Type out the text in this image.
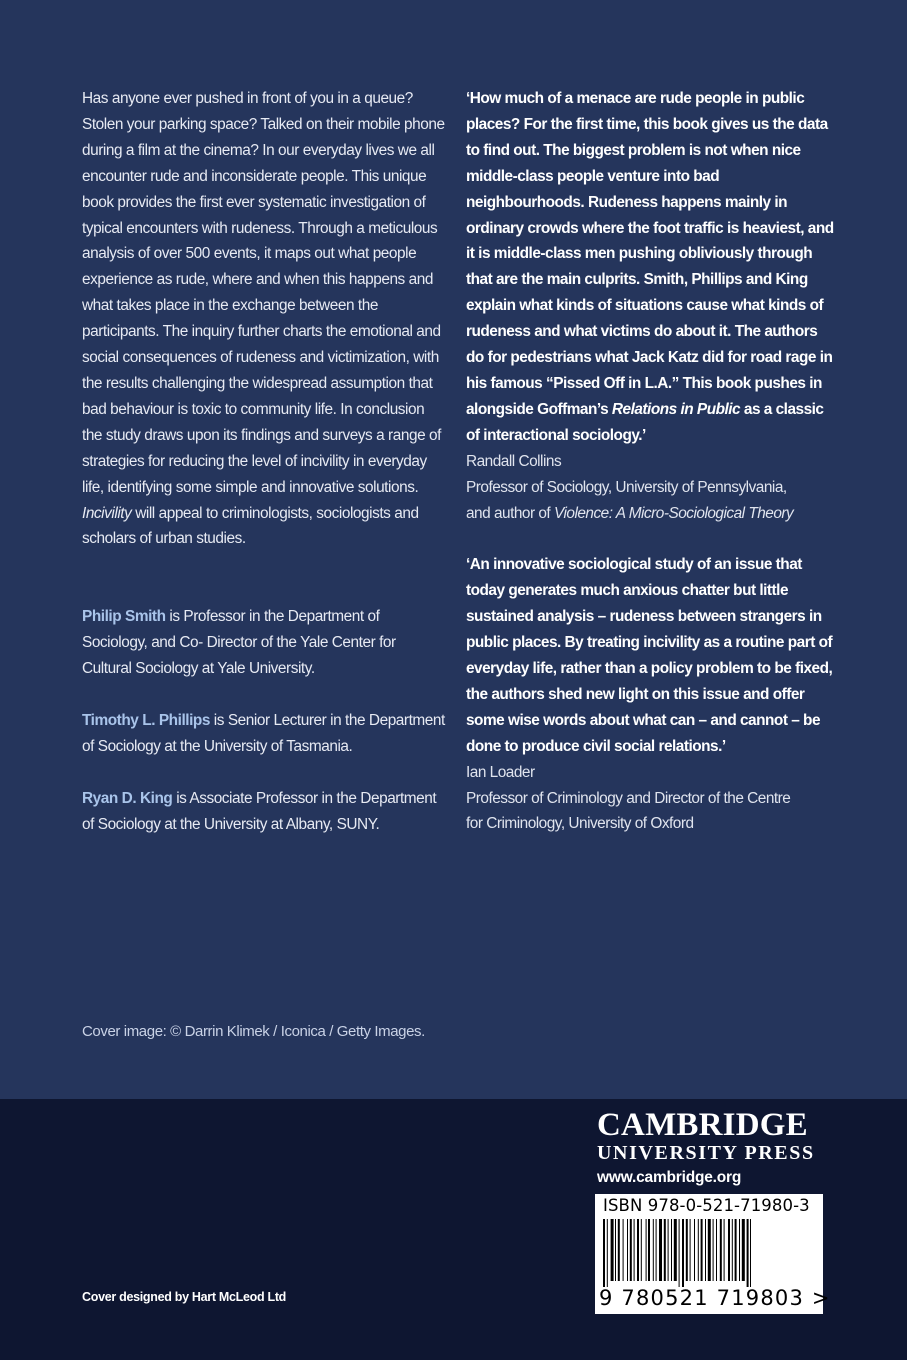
Has anyone ever pushed in front of you in a queue? Stolen your parking space? Talked on their mobile phone during a film at the cinema? In our everyday lives we all encounter rude and inconsiderate people. This unique book provides the first ever systematic investigation of typical encounters with rudeness. Through a meticulous analysis of over 500 events, it maps out what people experience as rude, where and when this happens and what takes place in the exchange between the participants. The inquiry further charts the emotional and social consequences of rudeness and victimization, with the results challenging the widespread assumption that bad behaviour is toxic to community life. In conclusion the study draws upon its findings and surveys a range of strategies for reducing the level of incivility in everyday life, identifying some simple and innovative solutions. Incivility will appeal to criminologists, sociologists and scholars of urban studies.

Philip Smith is Professor in the Department of Sociology, and Co- Director of the Yale Center for Cultural Sociology at Yale University.

Timothy L. Phillips is Senior Lecturer in the Department of Sociology at the University of Tasmania.

Ryan D. King is Associate Professor in the Department of Sociology at the University at Albany, SUNY.

‘How much of a menace are rude people in public places? For the first time, this book gives us the data to find out. The biggest problem is not when nice middle-class people venture into bad neighbourhoods. Rudeness happens mainly in ordinary crowds where the foot traffic is heaviest, and it is middle-class men pushing obliviously through that are the main culprits. Smith, Phillips and King explain what kinds of situations cause what kinds of rudeness and what victims do about it. The authors do for pedestrians what Jack Katz did for road rage in his famous “Pissed Off in L.A.” This book pushes in alongside Goffman’s Relations in Public as a classic of interactional sociology.’

Randall Collins

Professor of Sociology, University of Pennsylvania,

and author of Violence: A Micro-Sociological Theory

‘An innovative sociological study of an issue that today generates much anxious chatter but little sustained analysis – rudeness between strangers in public places. By treating incivility as a routine part of everyday life, rather than a policy problem to be fixed, the authors shed new light on this issue and offer some wise words about what can – and cannot – be done to produce civil social relations.’

Ian Loader

Professor of Criminology and Director of the Centre

for Criminology, University of Oxford

Cover image: © Darrin Klimek / Iconica / Getty Images.
Cover designed by Hart McLeod Ltd
CAMBRIDGE
UNIVERSITY PRESS
www.cambridge.org
ISBN 978-0-521-71980-3
9 780521 719803 >
